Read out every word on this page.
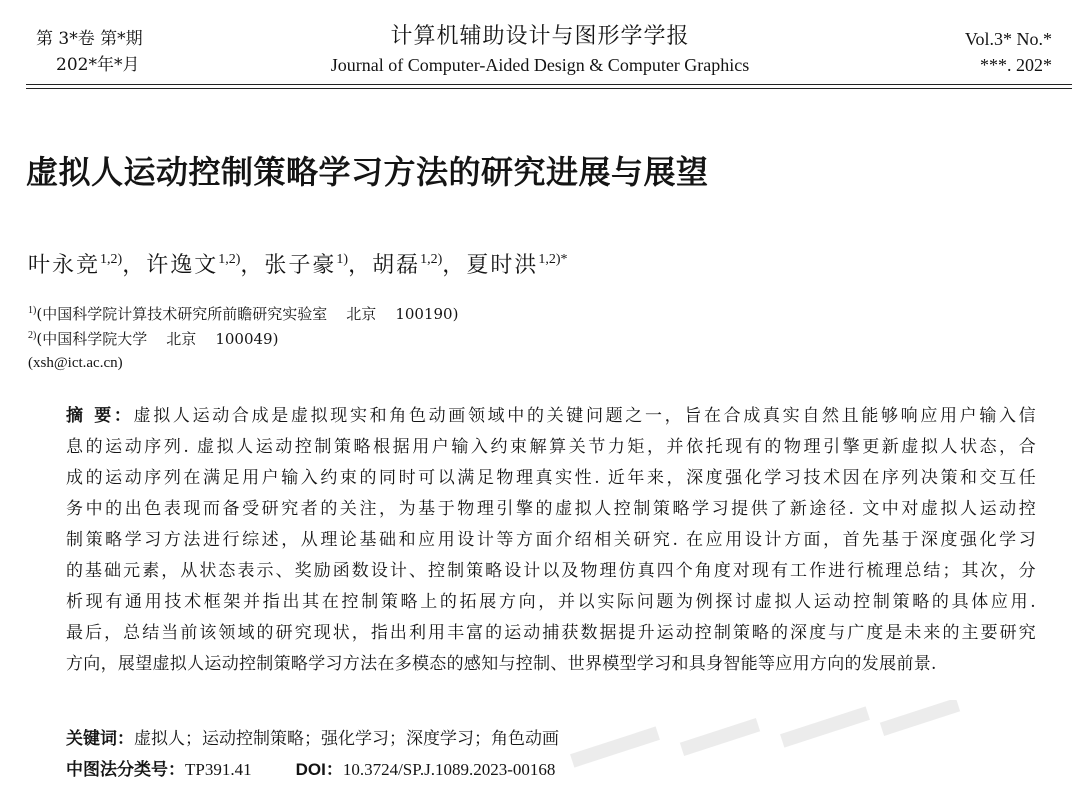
第 3*卷 第*期
202*年*月
计算机辅助设计与图形学学报
Journal of Computer-Aided Design & Computer Graphics
Vol.3* No.*
***. 202*
虚拟人运动控制策略学习方法的研究进展与展望
叶永竞$^{1,2)}$，许逸文$^{1,2)}$，张子豪$^{1)}$，胡磊$^{1,2)}$，夏时洪$^{1,2)*}$
$^{1)}$(中国科学院计算技术研究所前瞻研究实验室    北京    100190)
$^{2)}$(中国科学院大学    北京    100049)
(xsh@ict.ac.cn)
摘 要：虚拟人运动合成是虚拟现实和角色动画领域中的关键问题之一，旨在合成真实自然且能够响应用户输入信
息的运动序列. 虚拟人运动控制策略根据用户输入约束解算关节力矩，并依托现有的物理引擎更新虚拟人状态，合
成的运动序列在满足用户输入约束的同时可以满足物理真实性. 近年来，深度强化学习技术因在序列决策和交互任
务中的出色表现而备受研究者的关注，为基于物理引擎的虚拟人控制策略学习提供了新途径. 文中对虚拟人运动控
制策略学习方法进行综述，从理论基础和应用设计等方面介绍相关研究. 在应用设计方面，首先基于深度强化学习
的基础元素，从状态表示、奖励函数设计、控制策略设计以及物理仿真四个角度对现有工作进行梳理总结；其次，分
析现有通用技术框架并指出其在控制策略上的拓展方向，并以实际问题为例探讨虚拟人运动控制策略的具体应用.
最后，总结当前该领域的研究现状，指出利用丰富的运动捕获数据提升运动控制策略的深度与广度是未来的主要研究
方向，展望虚拟人运动控制策略学习方法在多模态的感知与控制、世界模型学习和具身智能等应用方向的发展前景.
关键词：虚拟人；运动控制策略；强化学习；深度学习；角色动画
中图法分类号：TP391.41	DOI：10.3724/SP.J.1089.2023-00168
